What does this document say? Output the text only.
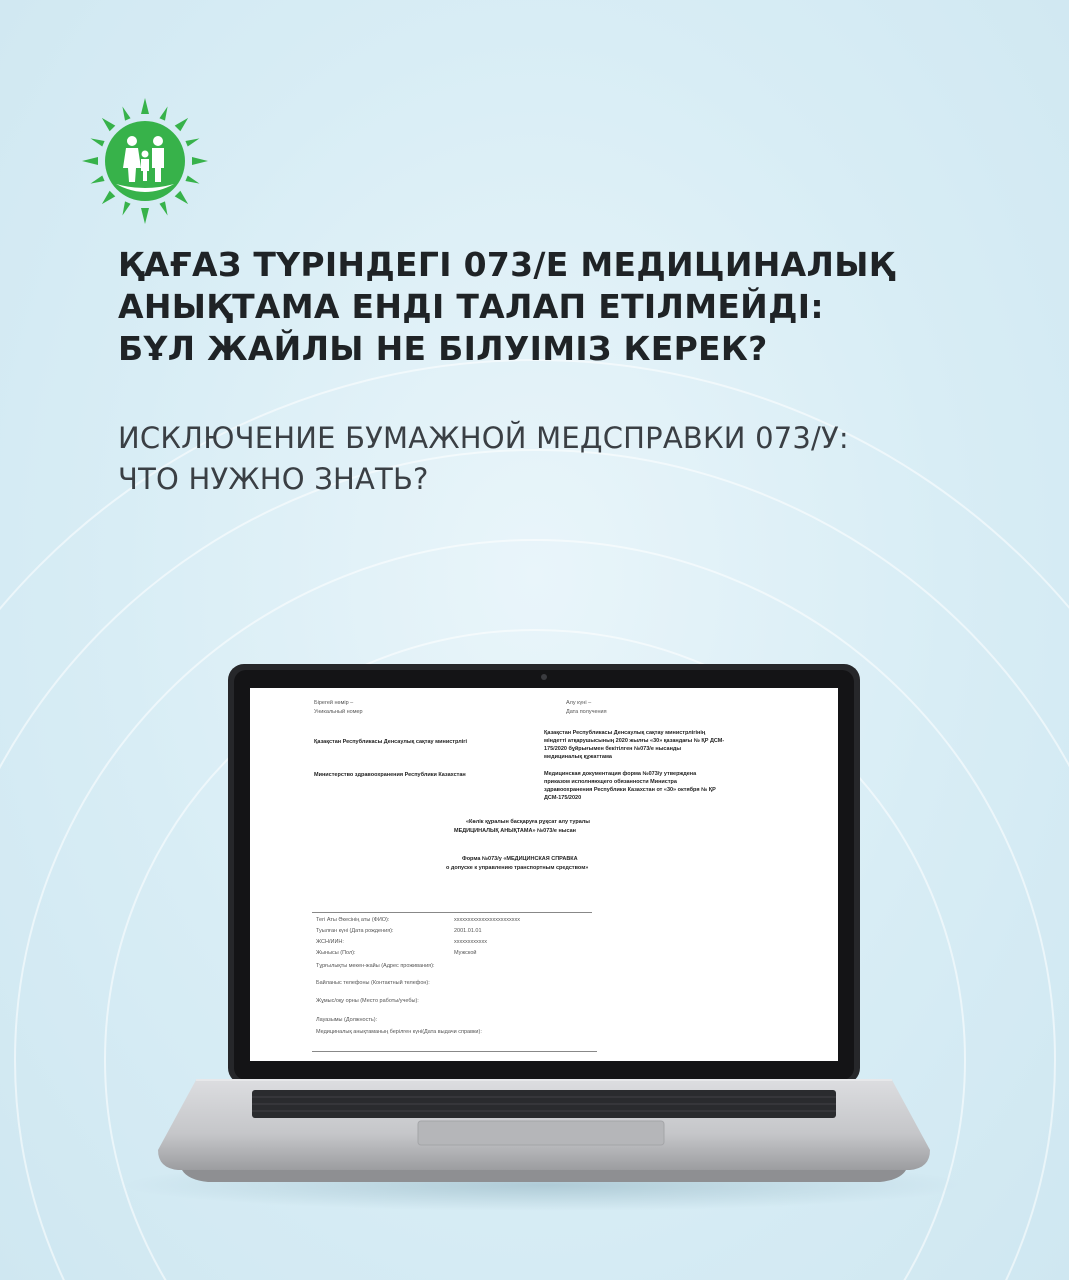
ҚАҒАЗ ТҮРІНДЕГІ 073/Е МЕДИЦИНАЛЫҚ
АНЫҚТАМА ЕНДІ ТАЛАП ЕТІЛМЕЙДІ:
БҰЛ ЖАЙЛЫ НЕ БІЛУІМІЗ КЕРЕК?
ИСКЛЮЧЕНИЕ БУМАЖНОЙ МЕДСПРАВКИ 073/У:
ЧТО НУЖНО ЗНАТЬ?
Бірегей нөмір –
Уникальный номер
Алу күні –
Дата получения
Қазақстан Республикасы Денсаулық сақтау министрлігі
Министерство здравоохранения Республики Казахстан
Қазақстан Республикасы Денсаулық сақтау министрлігінің
міндетті атқарушысының 2020 жылғы «30» қазандағы № ҚР ДСМ-
175/2020 бұйрығымен бекітілген №073/е нысанды
медициналық құжаттама
Медицинская документация форма №073/у утверждена
приказом исполняющего обязанности Министра
здравоохранения Республики Казахстан от «30» октября № ҚР
ДСМ-175/2020
«Көлік құралын басқаруға рұқсат алу туралы
МЕДИЦИНАЛЫҚ АНЫҚТАМА» №073/е нысан
Форма №073/у «МЕДИЦИНСКАЯ СПРАВКА
о допуске к управлению транспортным средством»
Тегі Аты Әкесінің аты (ФИО):	xxxxxxxxxxxxxxxxxxxxxxxx
Туылған күні (Дата рождения):	2001.01.01
ЖСН/ИИН:	xxxxxxxxxxxx
Жынысы (Пол):	Мужской
Тұрғылықты мекен-жайы (Адрес проживания):
Байланыс телефоны (Контактный телефон):
Жұмыс/оқу орны (Место работы/учебы):
Лауазымы (Должность):
Медициналық анықтаманың берілген күні(Дата выдачи справки):
